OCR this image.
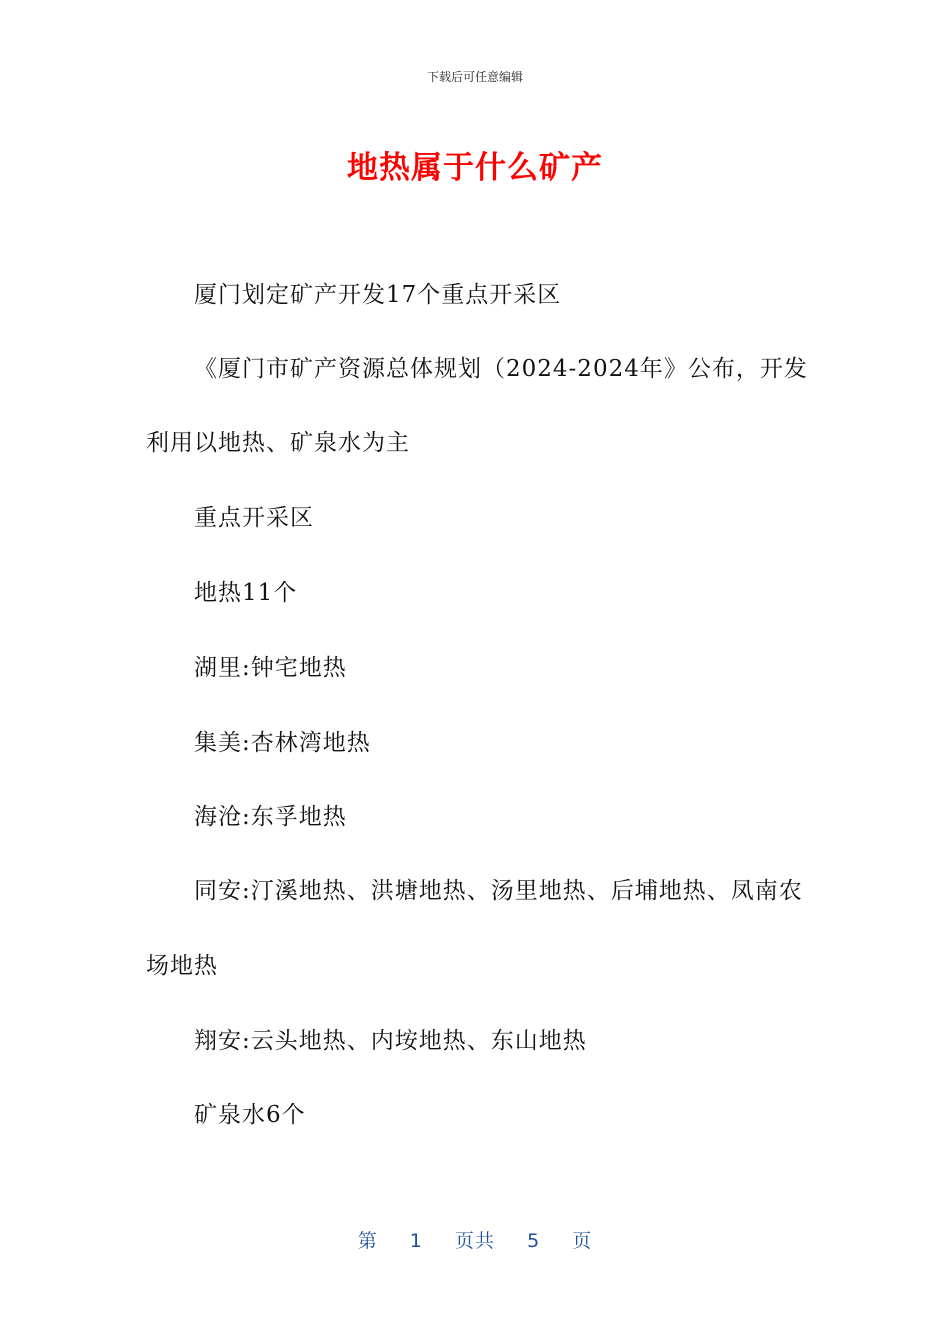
下载后可任意编辑
地热属于什么矿产
厦门划定矿产开发17个重点开采区
《厦门市矿产资源总体规划（2024-2024年》公布，开发
利用以地热、矿泉水为主
重点开采区
地热11个
湖里:钟宅地热
集美:杏林湾地热
海沧:东孚地热
同安:汀溪地热、洪塘地热、汤里地热、后埔地热、凤南农
场地热
翔安:云头地热、内垵地热、东山地热
矿泉水6个
第 1 页共 5 页
